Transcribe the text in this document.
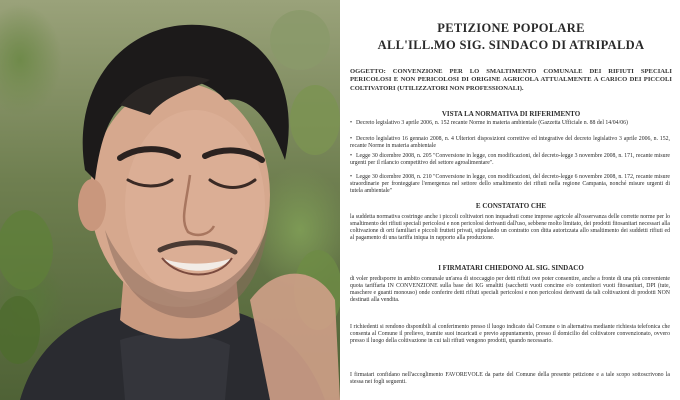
PETIZIONE POPOLARE
ALL'ILL.MO SIG. SINDACO DI ATRIPALDA
OGGETTO: CONVENZIONE PER LO SMALTIMENTO COMUNALE DEI RIFIUTI SPECIALI PERICOLOSI E NON PERICOLOSI DI ORIGINE AGRICOLA ATTUALMENTE A CARICO DEI PICCOLI COLTIVATORI (UTILIZZATORI NON PROFESSIONALI).
VISTA LA NORMATIVA DI RIFERIMENTO
• Decreto legislativo 3 aprile 2006, n. 152 recante Norme in materia ambientale (Gazzetta Ufficiale n. 88 del 14/04/06)
• Decreto legislativo 16 gennaio 2008, n. 4 Ulteriori disposizioni correttive ed integrative del decreto legislativo 3 aprile 2006, n. 152, recante Norme in materia ambientale
• Legge 30 dicembre 2008, n. 205 "Conversione in legge, con modificazioni, del decreto-legge 3 novembre 2008, n. 171, recante misure urgenti per il rilancio competitivo del settore agroalimentare".
• Legge 30 dicembre 2008, n. 210 "Conversione in legge, con modificazioni, del decreto-legge 6 novembre 2008, n. 172, recante misure straordinarie per fronteggiare l'emergenza nel settore dello smaltimento dei rifiuti nella regione Campania, nonché misure urgenti di tutela ambientale"
E CONSTATATO CHE
la suddetta normativa costringe anche i piccoli coltivatori non inquadrati come imprese agricole all'osservanza delle corrette norme per lo smaltimento dei rifiuti speciali pericolosi e non pericolosi derivanti dall'uso, sebbene molto limitato, dei prodotti fitosanitari necessari alla coltivazione di orti familiari e piccoli frutteti privati, stipulando un contratto con ditta autorizzata allo smaltimento dei suddetti rifiuti ed al pagamento di una tariffa iniqua in rapporto alla produzione.
I FIRMATARI CHIEDONO AL SIG. SINDACO
di voler predisporre in ambito comunale un'area di stoccaggio per detti rifiuti ove poter consentire, anche a fronte di una più conveniente quota tariffaria IN CONVENZIONE sulla base dei KG smaltiti (sacchetti vuoti concime e/o contenitori vuoti fitosanitari, DPI (tute, maschere e guanti monouso) onde conferire detti rifiuti speciali pericolosi e non pericolosi derivanti da tali coltivazioni di prodotti NON destinati alla vendita.
I richiedenti si rendono disponibili al conferimento presso il luogo indicato dal Comune o in alternativa mediante richiesta telefonica che consenta al Comune il prelievo, tramite suoi incaricati e previo appuntamento, presso il domicilio del coltivatore convenzionato, ovvero presso il luogo della coltivazione in cui tali rifiuti vengono prodotti, quando necessario.
I firmatari confidano nell'accoglimento FAVOREVOLE da parte del Comune della presente petizione e a tale scopo sottoscrivono la stessa nei fogli seguenti.
